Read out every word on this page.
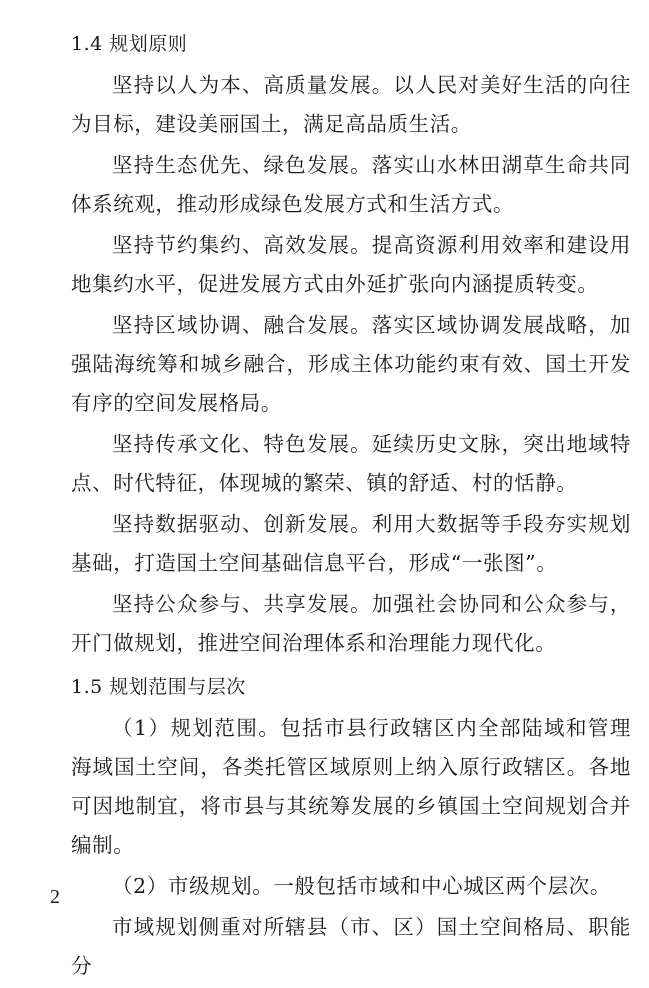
1.4 规划原则

坚持以人为本、高质量发展。以人民对美好生活的向往为目标，建设美丽国土，满足高品质生活。

坚持生态优先、绿色发展。落实山水林田湖草生命共同体系统观，推动形成绿色发展方式和生活方式。

坚持节约集约、高效发展。提高资源利用效率和建设用地集约水平，促进发展方式由外延扩张向内涵提质转变。

坚持区域协调、融合发展。落实区域协调发展战略，加强陆海统筹和城乡融合，形成主体功能约束有效、国土开发有序的空间发展格局。

坚持传承文化、特色发展。延续历史文脉，突出地域特点、时代特征，体现城的繁荣、镇的舒适、村的恬静。

坚持数据驱动、创新发展。利用大数据等手段夯实规划基础，打造国土空间基础信息平台，形成“一张图”。

坚持公众参与、共享发展。加强社会协同和公众参与，开门做规划，推进空间治理体系和治理能力现代化。

1.5 规划范围与层次

（1）规划范围。包括市县行政辖区内全部陆域和管理海域国土空间，各类托管区域原则上纳入原行政辖区。各地可因地制宜，将市县与其统筹发展的乡镇国土空间规划合并编制。

（2）市级规划。一般包括市域和中心城区两个层次。

市域规划侧重对所辖县（市、区）国土空间格局、职能分

2
